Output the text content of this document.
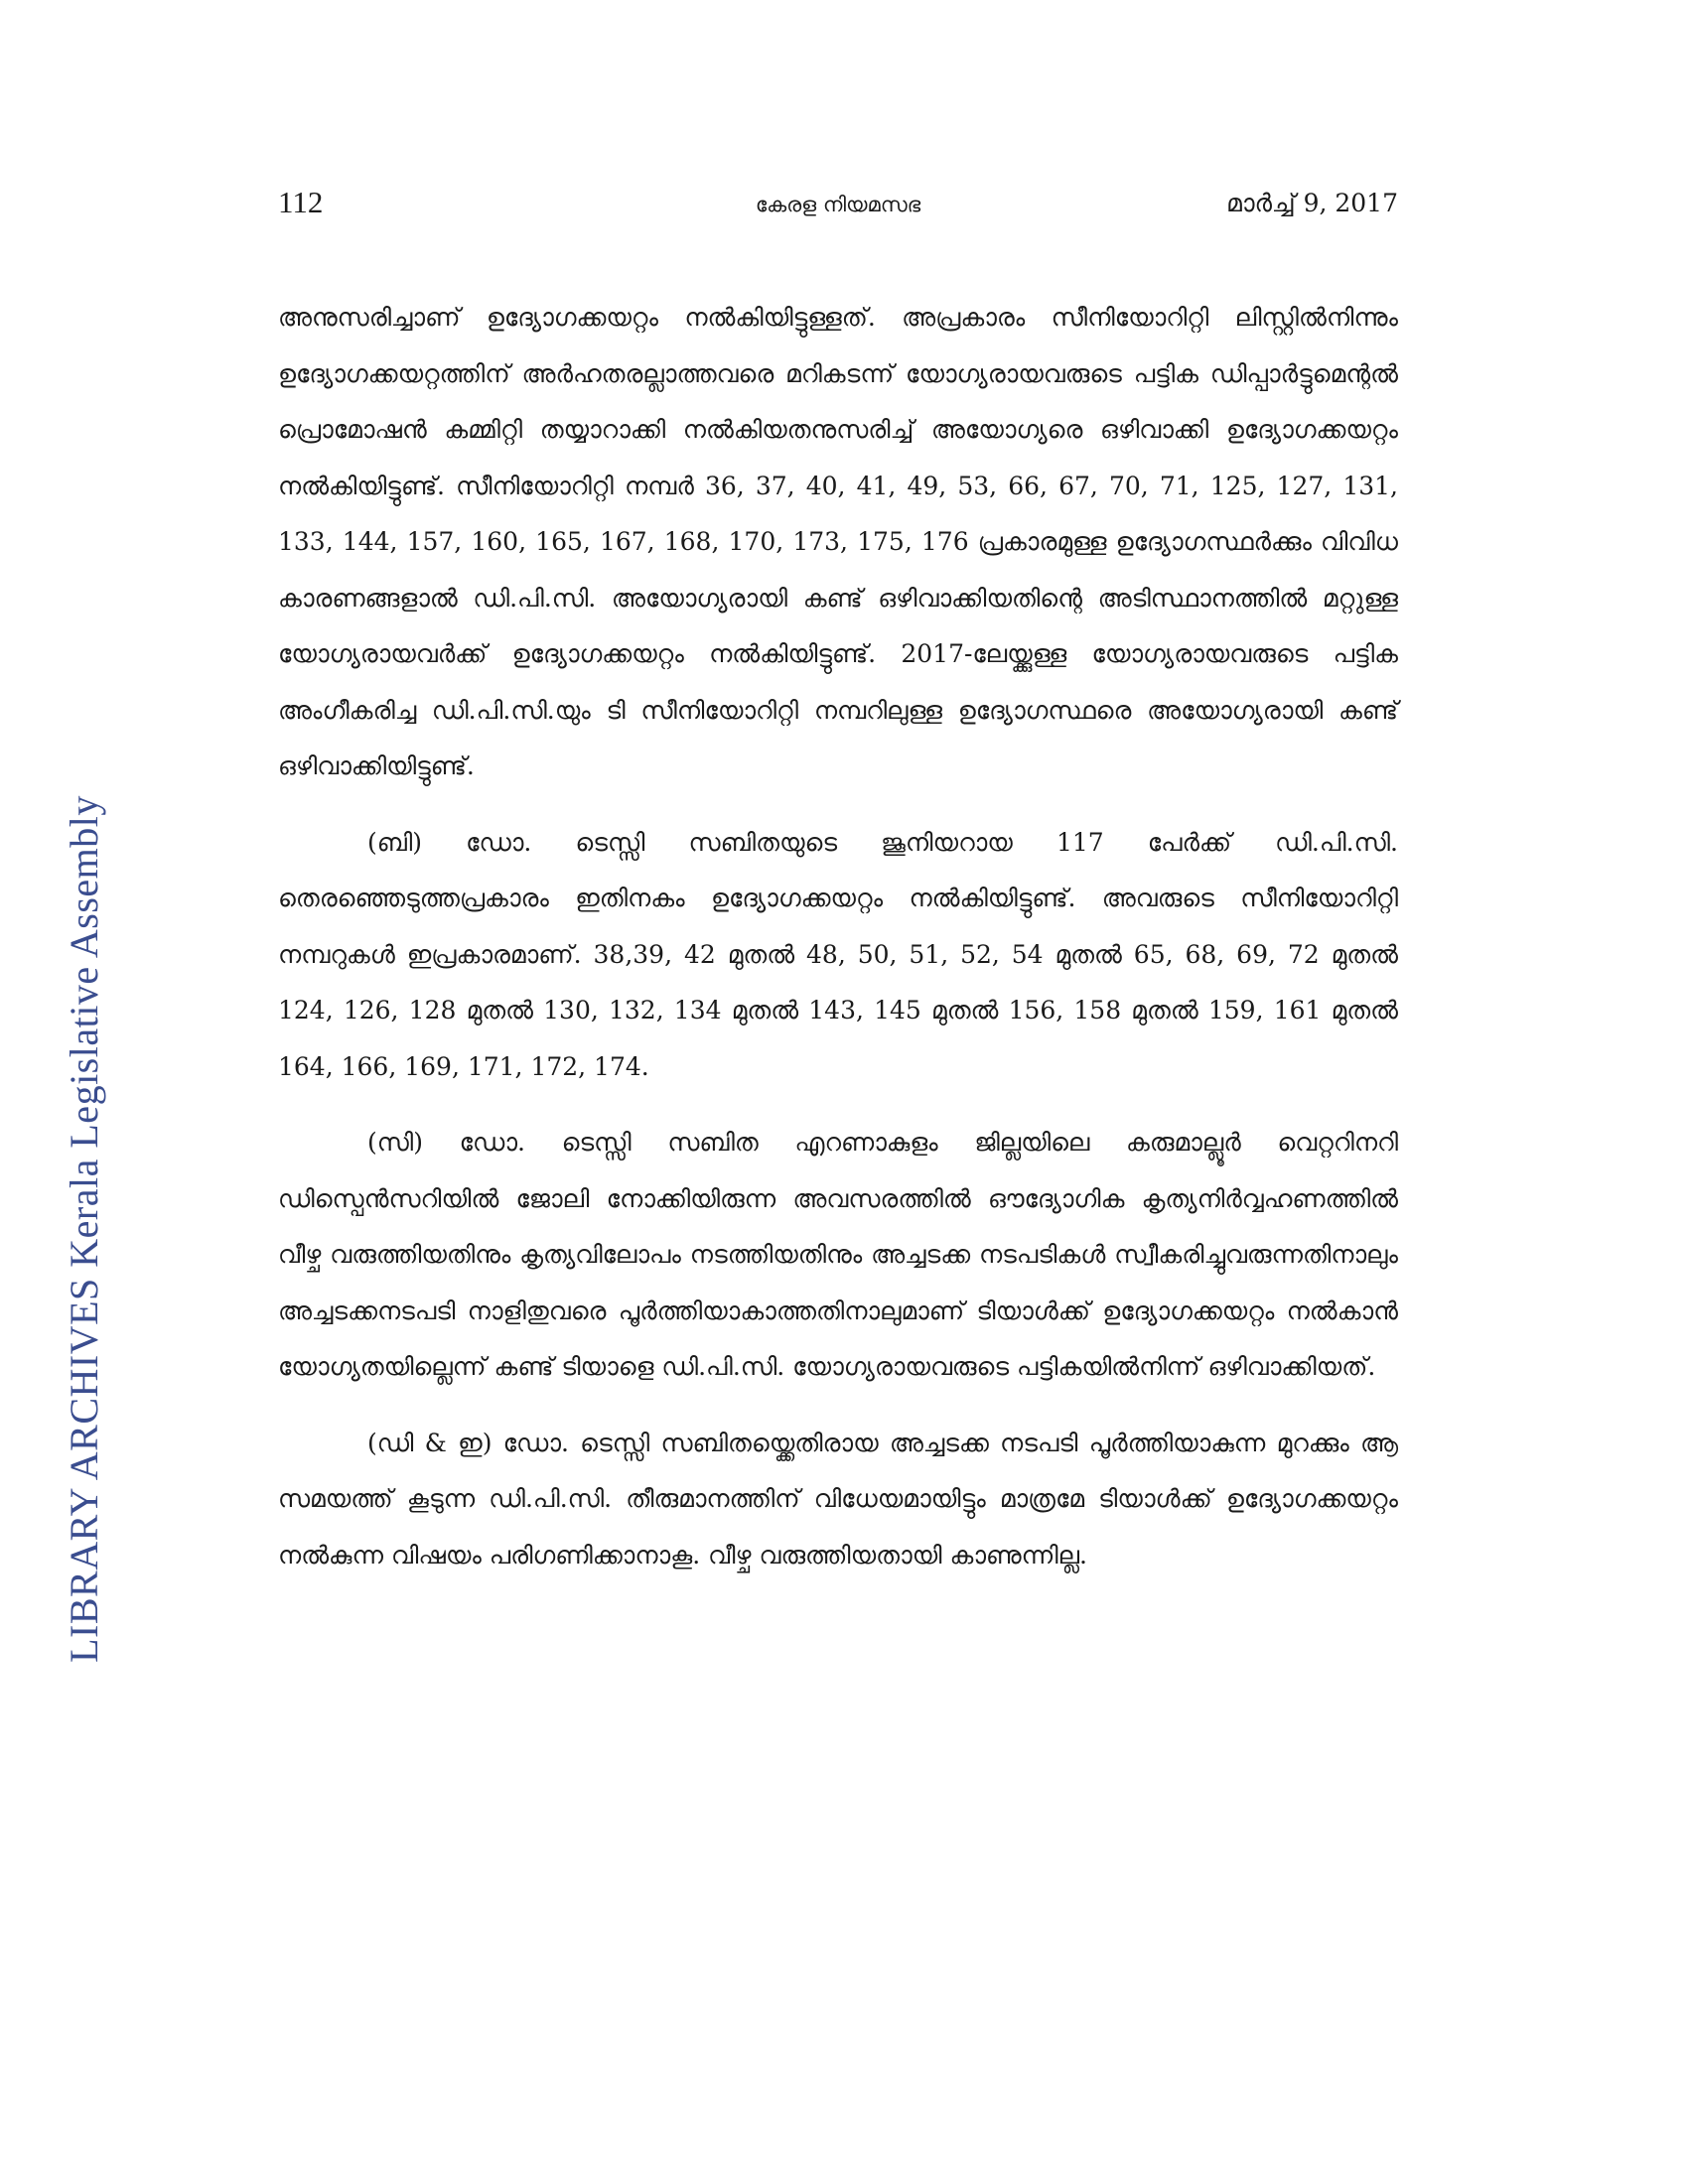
LIBRARY ARCHIVES Kerala Legislative Assembly
112	കേരള നിയമസഭ	മാർച്ച് 9, 2017

അനുസരിച്ചാണ് ഉദ്യോഗക്കയറ്റം നൽകിയിട്ടുള്ളത്. അപ്രകാരം സീനിയോറിറ്റി ലിസ്റ്റിൽനിന്നും ഉദ്യോഗക്കയറ്റത്തിന് അർഹതരല്ലാത്തവരെ മറികടന്ന് യോഗ്യരായവരുടെ പട്ടിക ഡിപ്പാർട്ടുമെന്റൽ പ്രൊമോഷൻ കമ്മിറ്റി തയ്യാറാക്കി നൽകിയതനുസരിച്ച് അയോഗ്യരെ ഒഴിവാക്കി ഉദ്യോഗക്കയറ്റം നൽകിയിട്ടുണ്ട്. സീനിയോറിറ്റി നമ്പർ 36, 37, 40, 41, 49, 53, 66, 67, 70, 71, 125, 127, 131, 133, 144, 157, 160, 165, 167, 168, 170, 173, 175, 176 പ്രകാരമുള്ള ഉദ്യോഗസ്ഥർക്കും വിവിധ കാരണങ്ങളാൽ ഡി.പി.സി. അയോഗ്യരായി കണ്ട് ഒഴിവാക്കിയതിന്റെ അടിസ്ഥാനത്തിൽ മറ്റുള്ള യോഗ്യരായവർക്ക് ഉദ്യോഗക്കയറ്റം നൽകിയിട്ടുണ്ട്. 2017-ലേയ്ക്കുള്ള യോഗ്യരായവരുടെ പട്ടിക അംഗീകരിച്ച ഡി.പി.സി.യും ടി സീനിയോറിറ്റി നമ്പറിലുള്ള ഉദ്യോഗസ്ഥരെ അയോഗ്യരായി കണ്ട് ഒഴിവാക്കിയിട്ടുണ്ട്.

(ബി) ഡോ. ടെസ്സി സബിതയുടെ ജൂനിയറായ 117 പേർക്ക് ഡി.പി.സി. തെരഞ്ഞെടുത്തപ്രകാരം ഇതിനകം ഉദ്യോഗക്കയറ്റം നൽകിയിട്ടുണ്ട്. അവരുടെ സീനിയോറിറ്റി നമ്പറുകൾ ഇപ്രകാരമാണ്. 38,39, 42 മുതൽ 48, 50, 51, 52, 54 മുതൽ 65, 68, 69, 72 മുതൽ 124, 126, 128 മുതൽ 130, 132, 134 മുതൽ 143, 145 മുതൽ 156, 158 മുതൽ 159, 161 മുതൽ 164, 166, 169, 171, 172, 174.

(സി) ഡോ. ടെസ്സി സബിത എറണാകുളം ജില്ലയിലെ കരുമാല്ലൂർ വെറ്ററിനറി ഡിസ്പെൻസറിയിൽ ജോലി നോക്കിയിരുന്ന അവസരത്തിൽ ഔദ്യോഗിക കൃത്യനിർവ്വഹണത്തിൽ വീഴ്ച വരുത്തിയതിനും കൃത്യവിലോപം നടത്തിയതിനും അച്ചടക്ക നടപടികൾ സ്വീകരിച്ചുവരുന്നതിനാലും അച്ചടക്കനടപടി നാളിതുവരെ പൂർത്തിയാകാത്തതിനാലുമാണ് ടിയാൾക്ക് ഉദ്യോഗക്കയറ്റം നൽകാൻ യോഗ്യതയില്ലെന്ന് കണ്ട് ടിയാളെ ഡി.പി.സി. യോഗ്യരായവരുടെ പട്ടികയിൽനിന്ന് ഒഴിവാക്കിയത്.

(ഡി & ഇ) ഡോ. ടെസ്സി സബിതയ്ക്കെതിരായ അച്ചടക്ക നടപടി പൂർത്തിയാകുന്ന മുറക്കും ആ സമയത്ത് കൂടുന്ന ഡി.പി.സി. തീരുമാനത്തിന് വിധേയമായിട്ടും മാത്രമേ ടിയാൾക്ക് ഉദ്യോഗക്കയറ്റം നൽകുന്ന വിഷയം പരിഗണിക്കാനാകൂ. വീഴ്ച വരുത്തിയതായി കാണുന്നില്ല.
